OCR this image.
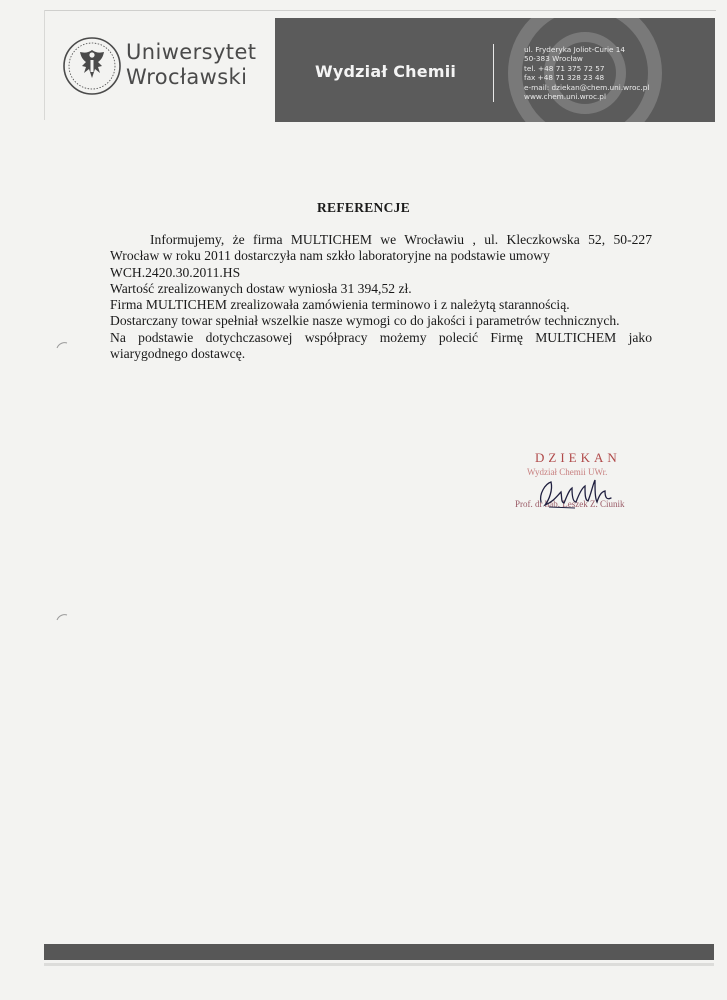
Uniwersytet
Wrocławski	Wydział Chemii
ul. Fryderyka Joliot-Curie 14
50-383 Wrocław
tel. +48 71 375 72 57
fax +48 71 328 23 48
e-mail: dziekan@chem.uni.wroc.pl
www.chem.uni.wroc.pl
REFERENCJE

Informujemy, że firma MULTICHEM we Wrocławiu , ul. Kleczkowska 52, 50-227 Wrocław w roku 2011 dostarczyła nam szkło laboratoryjne na podstawie umowy

WCH.2420.30.2011.HS

Wartość zrealizowanych dostaw wyniosła 31 394,52 zł.

Firma MULTICHEM zrealizowała zamówienia terminowo i z należytą starannością.

Dostarczany towar spełniał wszelkie nasze wymogi co do jakości i parametrów technicznych.

Na podstawie dotychczasowej współpracy możemy polecić Firmę MULTICHEM jako wiarygodnego dostawcę.

DZIEKAN
Wydział Chemii UWr.
Prof. dr hab. Leszek Z. Ciunik
